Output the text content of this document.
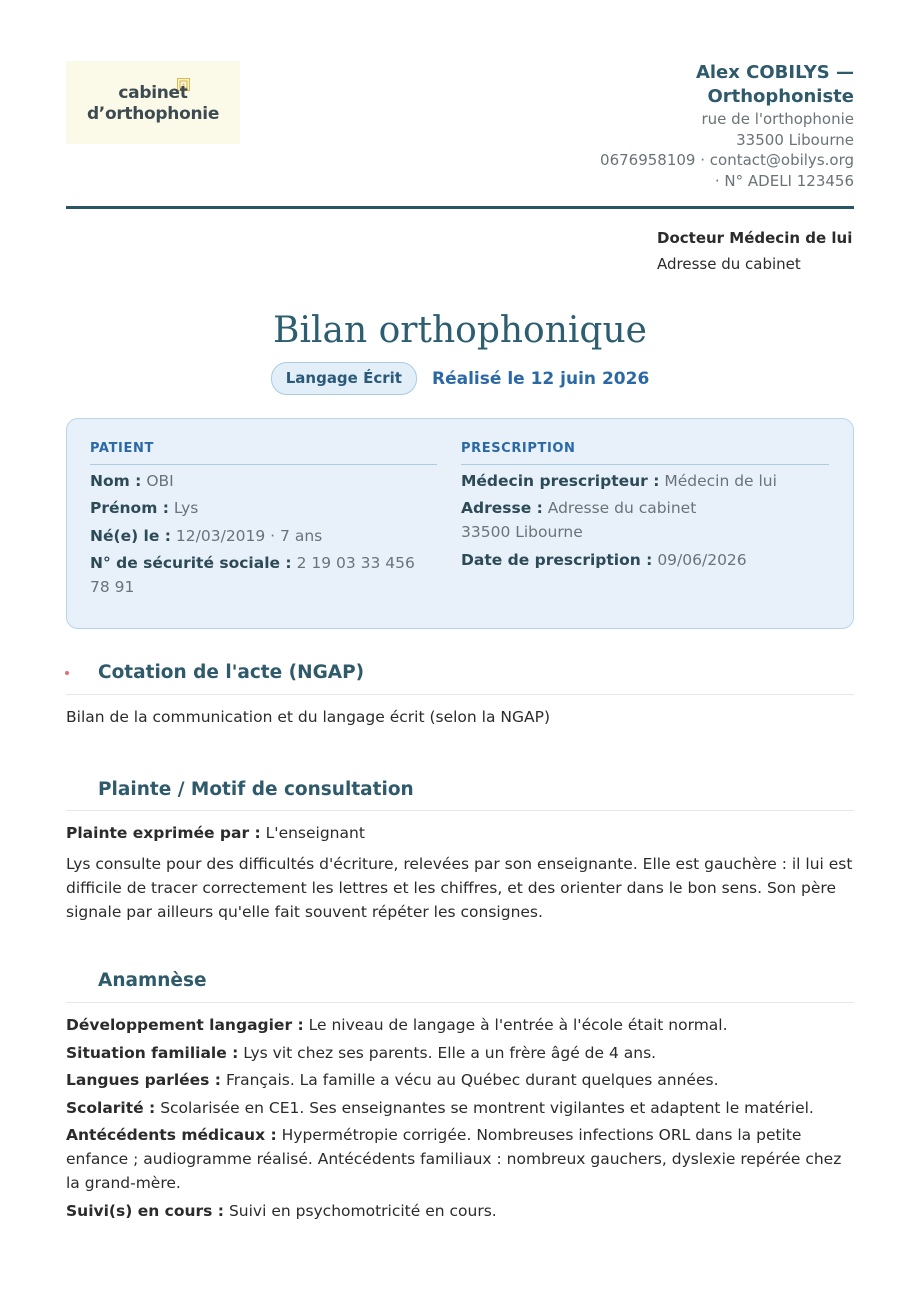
cabinet
d’orthophonie
Alex COBILYS —
Orthophoniste
rue de l'orthophonie
33500 Libourne
0676958109 · contact@obilys.org
· N° ADELI 123456
Docteur Médecin de lui
Adresse du cabinet
Bilan orthophonique
Langage Écrit Réalisé le 12 juin 2026
PATIENT
Nom : OBI
Prénom : Lys
Né(e) le : 12/03/2019 · 7 ans
N° de sécurité sociale : 2 19 03 33 456 78 91
PRESCRIPTION
Médecin prescripteur : Médecin de lui
Adresse : Adresse du cabinet
33500 Libourne
Date de prescription : 09/06/2026
Cotation de l'acte (NGAP)
Bilan de la communication et du langage écrit (selon la NGAP)
Plainte / Motif de consultation
Plainte exprimée par : L'enseignant
Lys consulte pour des difficultés d'écriture, relevées par son enseignante. Elle est gauchère : il lui est difficile de tracer correctement les lettres et les chiffres, et des orienter dans le bon sens. Son père signale par ailleurs qu'elle fait souvent répéter les consignes.
Anamnèse
Développement langagier : Le niveau de langage à l'entrée à l'école était normal.
Situation familiale : Lys vit chez ses parents. Elle a un frère âgé de 4 ans.
Langues parlées : Français. La famille a vécu au Québec durant quelques années.
Scolarité : Scolarisée en CE1. Ses enseignantes se montrent vigilantes et adaptent le matériel.
Antécédents médicaux : Hypermétropie corrigée. Nombreuses infections ORL dans la petite enfance ; audiogramme réalisé. Antécédents familiaux : nombreux gauchers, dyslexie repérée chez la grand-mère.
Suivi(s) en cours : Suivi en psychomotricité en cours.
